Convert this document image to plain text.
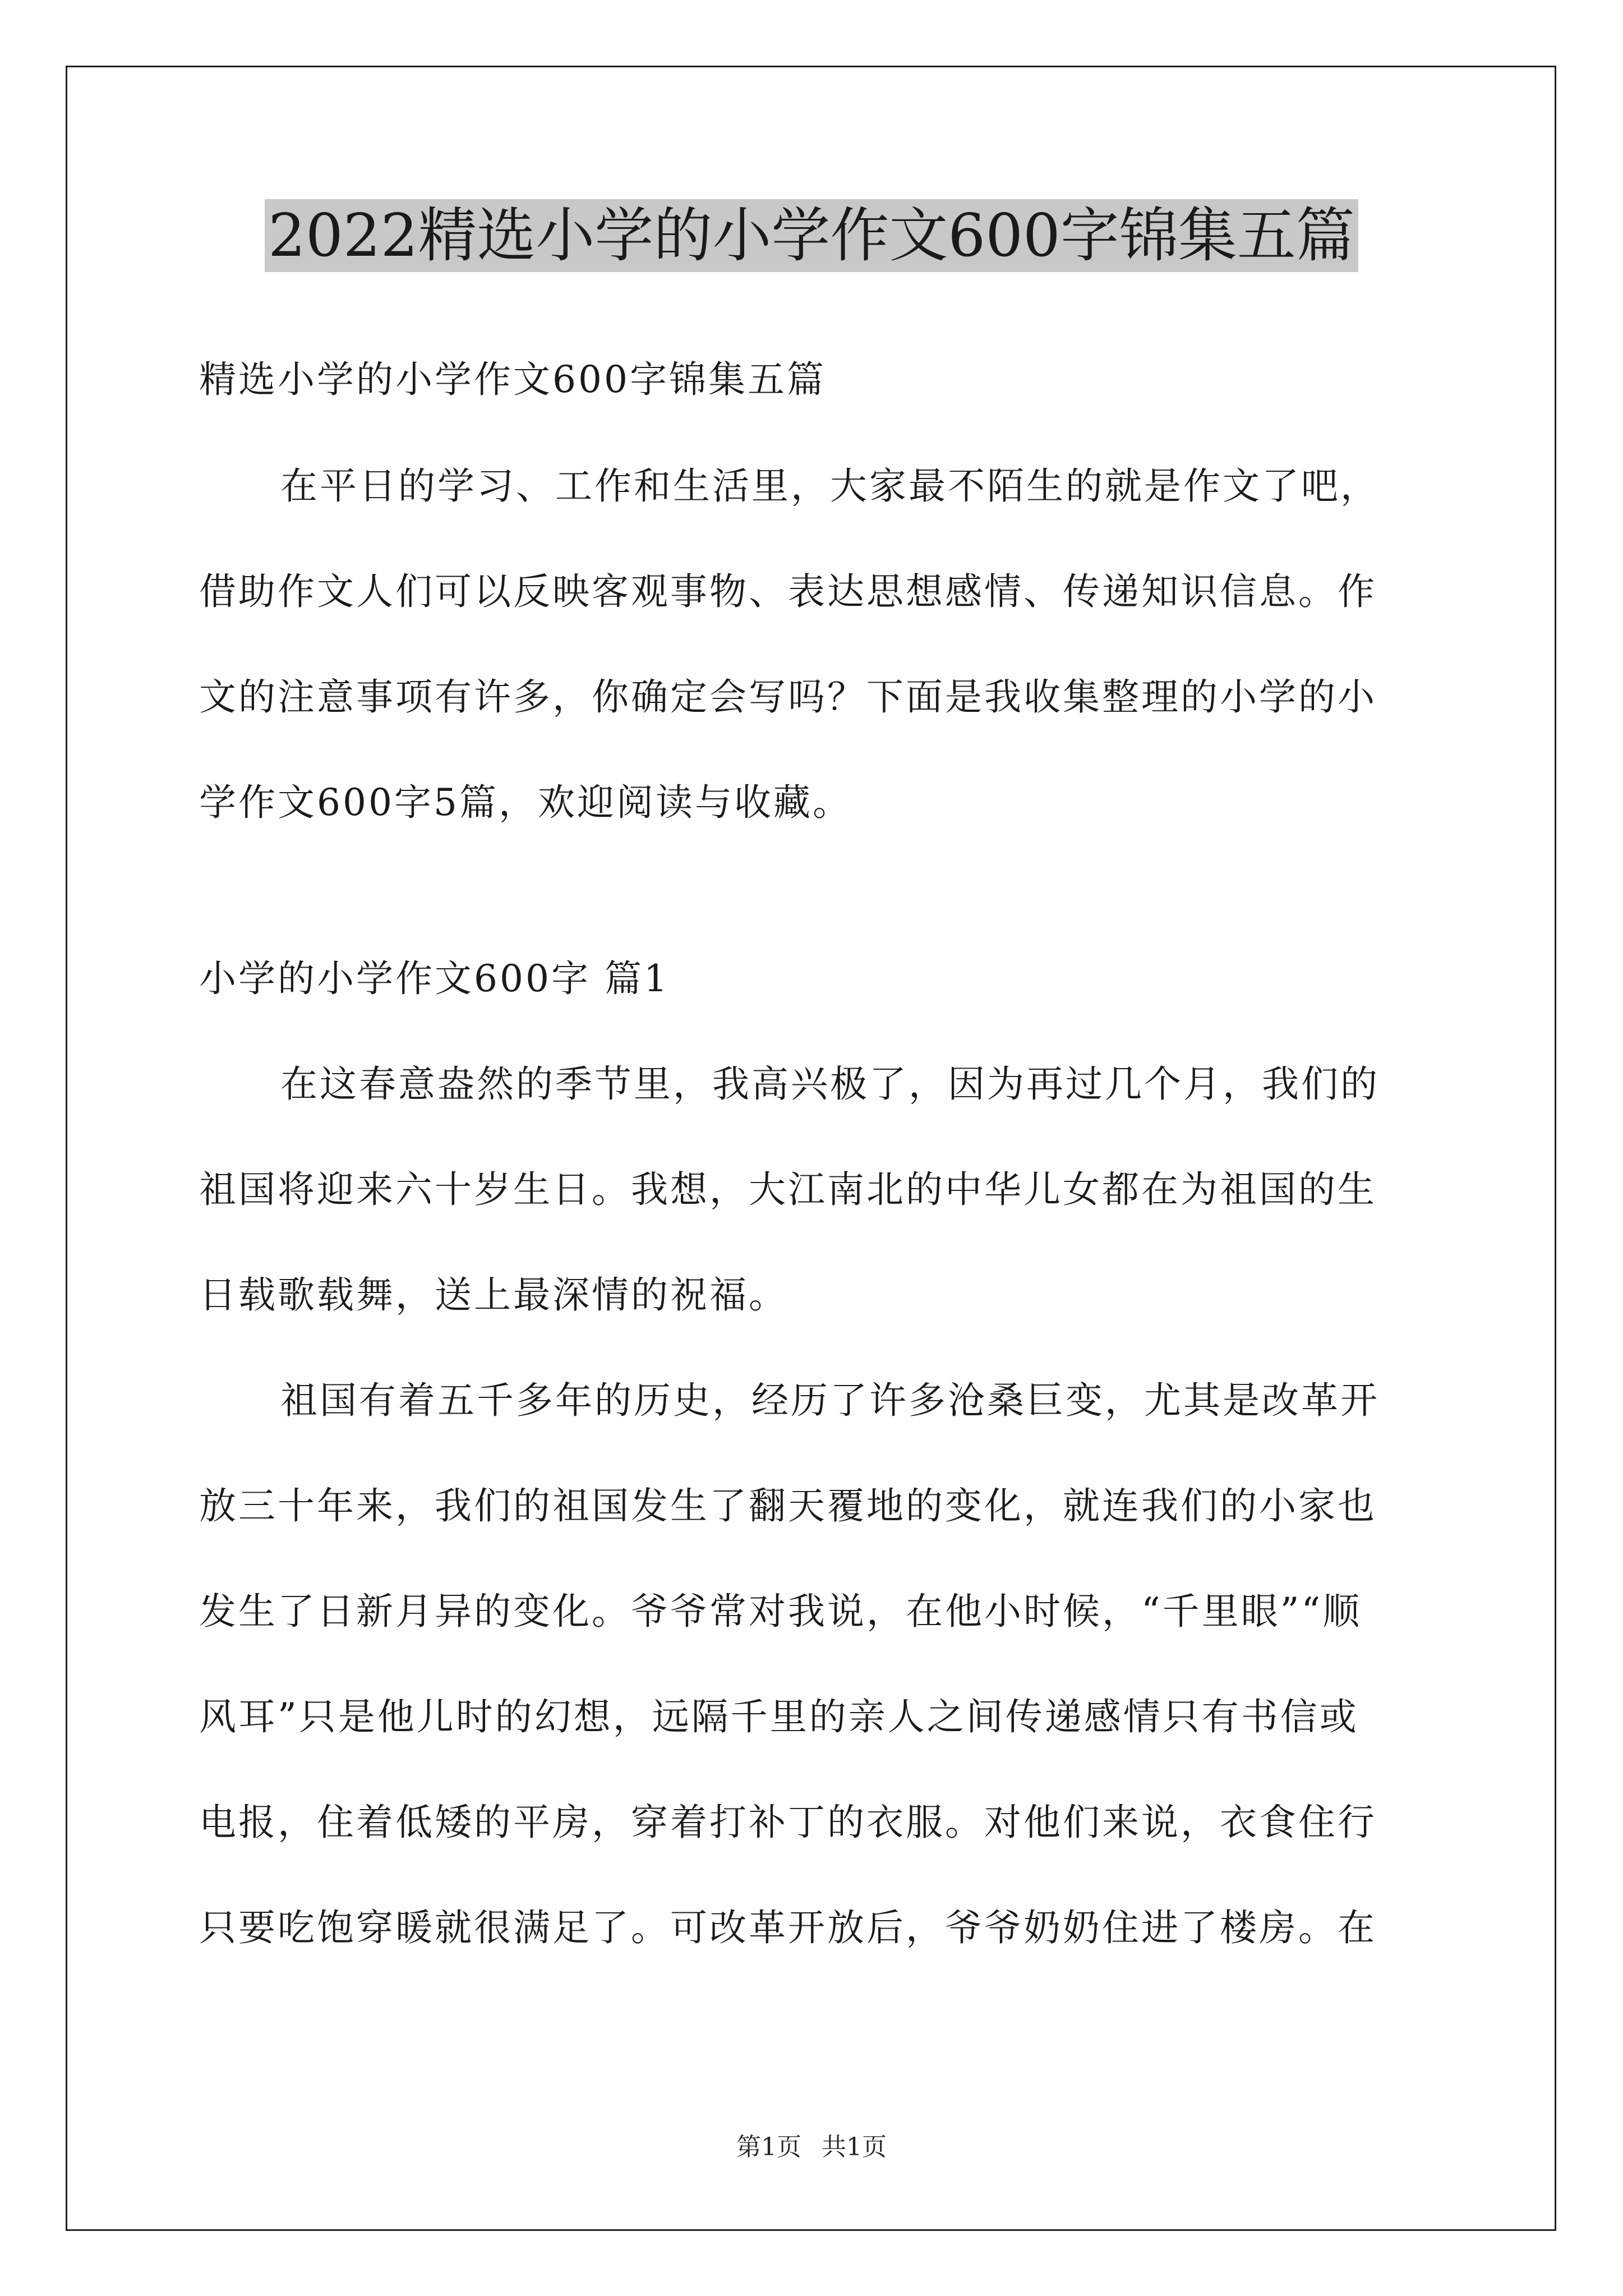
2022精选小学的小学作文600字锦集五篇
精选小学的小学作文600字锦集五篇
在平日的学习、工作和生活里，大家最不陌生的就是作文了吧，
借助作文人们可以反映客观事物、表达思想感情、传递知识信息。作
文的注意事项有许多，你确定会写吗？下面是我收集整理的小学的小
学作文600字5篇，欢迎阅读与收藏。
小学的小学作文600字 篇1
在这春意盎然的季节里，我高兴极了，因为再过几个月，我们的
祖国将迎来六十岁生日。我想，大江南北的中华儿女都在为祖国的生
日载歌载舞，送上最深情的祝福。
祖国有着五千多年的历史，经历了许多沧桑巨变，尤其是改革开
放三十年来，我们的祖国发生了翻天覆地的变化，就连我们的小家也
发生了日新月异的变化。爷爷常对我说，在他小时候，“千里眼”“顺
风耳”只是他儿时的幻想，远隔千里的亲人之间传递感情只有书信或
电报，住着低矮的平房，穿着打补丁的衣服。对他们来说，衣食住行
只要吃饱穿暖就很满足了。可改革开放后，爷爷奶奶住进了楼房。在
第1页 共1页
